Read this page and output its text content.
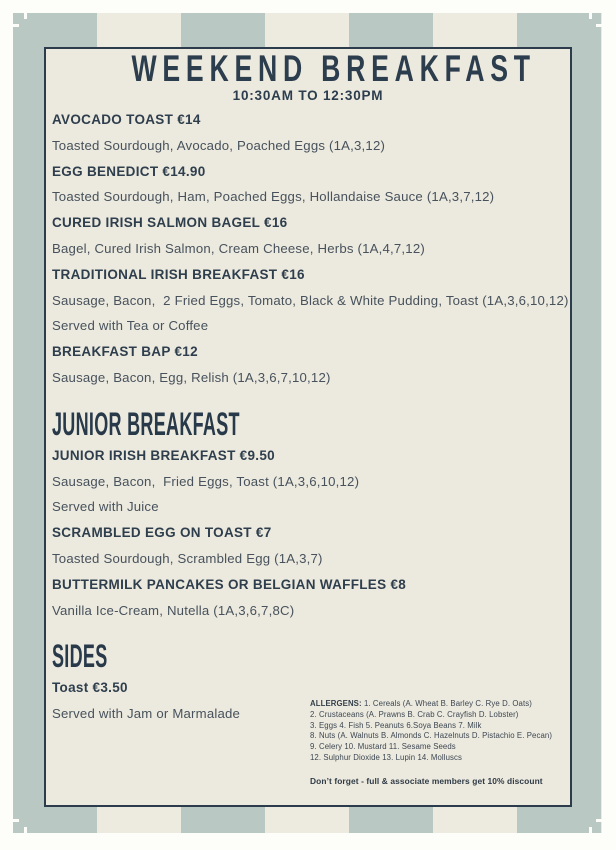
WEEKEND BREAKFAST
10:30AM TO 12:30PM
AVOCADO TOAST €14
Toasted Sourdough, Avocado, Poached Eggs (1A,3,12)
EGG BENEDICT €14.90
Toasted Sourdough, Ham, Poached Eggs, Hollandaise Sauce (1A,3,7,12)
CURED IRISH SALMON BAGEL €16
Bagel, Cured Irish Salmon, Cream Cheese, Herbs (1A,4,7,12)
TRADITIONAL IRISH BREAKFAST €16
Sausage, Bacon,  2 Fried Eggs, Tomato, Black & White Pudding, Toast (1A,3,6,10,12)
Served with Tea or Coffee
BREAKFAST BAP €12
Sausage, Bacon, Egg, Relish (1A,3,6,7,10,12)
JUNIOR BREAKFAST
JUNIOR IRISH BREAKFAST €9.50
Sausage, Bacon,  Fried Eggs, Toast (1A,3,6,10,12)
Served with Juice
SCRAMBLED EGG ON TOAST €7
Toasted Sourdough, Scrambled Egg (1A,3,7)
BUTTERMILK PANCAKES OR BELGIAN WAFFLES €8
Vanilla Ice-Cream, Nutella (1A,3,6,7,8C)
SIDES
Toast €3.50
Served with Jam or Marmalade
ALLERGENS: 1. Cereals (A. Wheat B. Barley C. Rye D. Oats)
2. Crustaceans (A. Prawns B. Crab C. Crayfish D. Lobster)
3. Eggs 4. Fish 5. Peanuts 6.Soya Beans 7. Milk
8. Nuts (A. Walnuts B. Almonds C. Hazelnuts D. Pistachio E. Pecan)
9. Celery 10. Mustard 11. Sesame Seeds
12. Sulphur Dioxide 13. Lupin 14. Molluscs
Don’t forget - full & associate members get 10% discount
